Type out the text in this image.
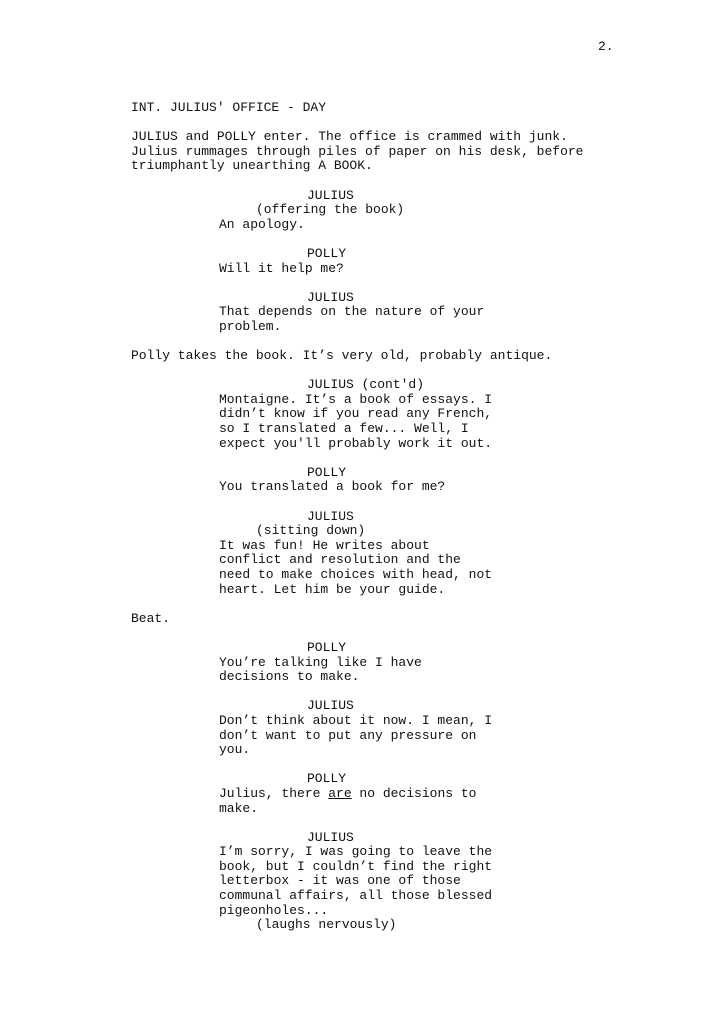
2.
INT. JULIUS' OFFICE - DAY
JULIUS and POLLY enter. The office is crammed with junk.
Julius rummages through piles of paper on his desk, before
triumphantly unearthing A BOOK.
JULIUS
(offering the book)
An apology.
POLLY
Will it help me?
JULIUS
That depends on the nature of your
problem.
Polly takes the book. It’s very old, probably antique.
JULIUS (cont'd)
Montaigne. It’s a book of essays. I
didn’t know if you read any French,
so I translated a few... Well, I
expect you'll probably work it out.
POLLY
You translated a book for me?
JULIUS
(sitting down)
It was fun! He writes about
conflict and resolution and the
need to make choices with head, not
heart. Let him be your guide.
Beat.
POLLY
You’re talking like I have
decisions to make.
JULIUS
Don’t think about it now. I mean, I
don’t want to put any pressure on
you.
POLLY
Julius, there are no decisions to
make.
JULIUS
I’m sorry, I was going to leave the
book, but I couldn’t find the right
letterbox - it was one of those
communal affairs, all those blessed
pigeonholes...
(laughs nervously)
